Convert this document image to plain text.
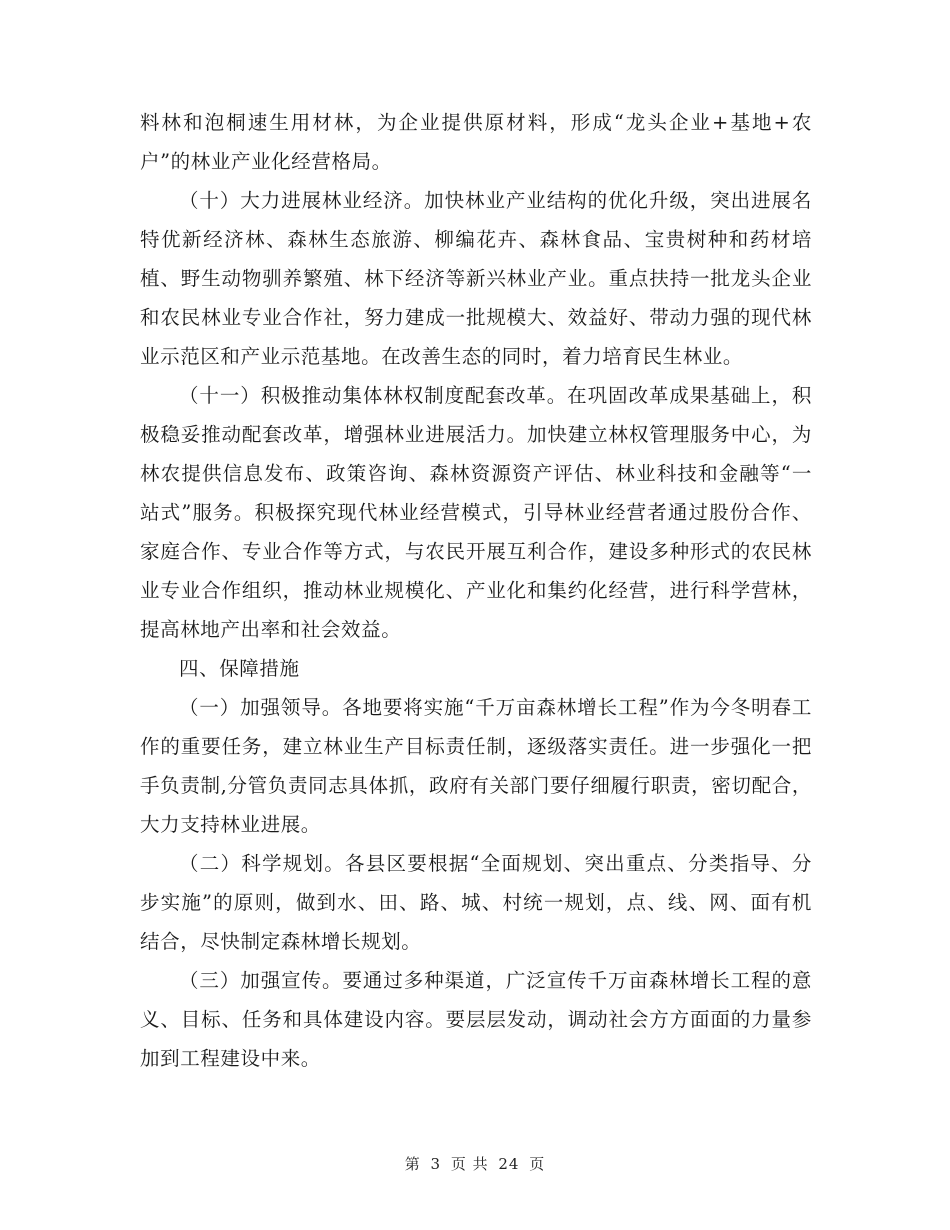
料林和泡桐速生用材林，为企业提供原材料，形成“龙头企业+基地+农户”的林业产业化经营格局。

（十）大力进展林业经济。加快林业产业结构的优化升级，突出进展名特优新经济林、森林生态旅游、柳编花卉、森林食品、宝贵树种和药材培植、野生动物驯养繁殖、林下经济等新兴林业产业。重点扶持一批龙头企业和农民林业专业合作社，努力建成一批规模大、效益好、带动力强的现代林业示范区和产业示范基地。在改善生态的同时，着力培育民生林业。

（十一）积极推动集体林权制度配套改革。在巩固改革成果基础上，积极稳妥推动配套改革，增强林业进展活力。加快建立林权管理服务中心，为林农提供信息发布、政策咨询、森林资源资产评估、林业科技和金融等“一站式”服务。积极探究现代林业经营模式，引导林业经营者通过股份合作、家庭合作、专业合作等方式，与农民开展互利合作，建设多种形式的农民林业专业合作组织，推动林业规模化、产业化和集约化经营，进行科学营林，提高林地产出率和社会效益。

四、保障措施

（一）加强领导。各地要将实施“千万亩森林增长工程”作为今冬明春工作的重要任务，建立林业生产目标责任制，逐级落实责任。进一步强化一把手负责制,分管负责同志具体抓，政府有关部门要仔细履行职责，密切配合，大力支持林业进展。

（二）科学规划。各县区要根据“全面规划、突出重点、分类指导、分步实施”的原则，做到水、田、路、城、村统一规划，点、线、网、面有机结合，尽快制定森林增长规划。

（三）加强宣传。要通过多种渠道，广泛宣传千万亩森林增长工程的意义、目标、任务和具体建设内容。要层层发动，调动社会方方面面的力量参加到工程建设中来。

第 3 页 共 24 页
